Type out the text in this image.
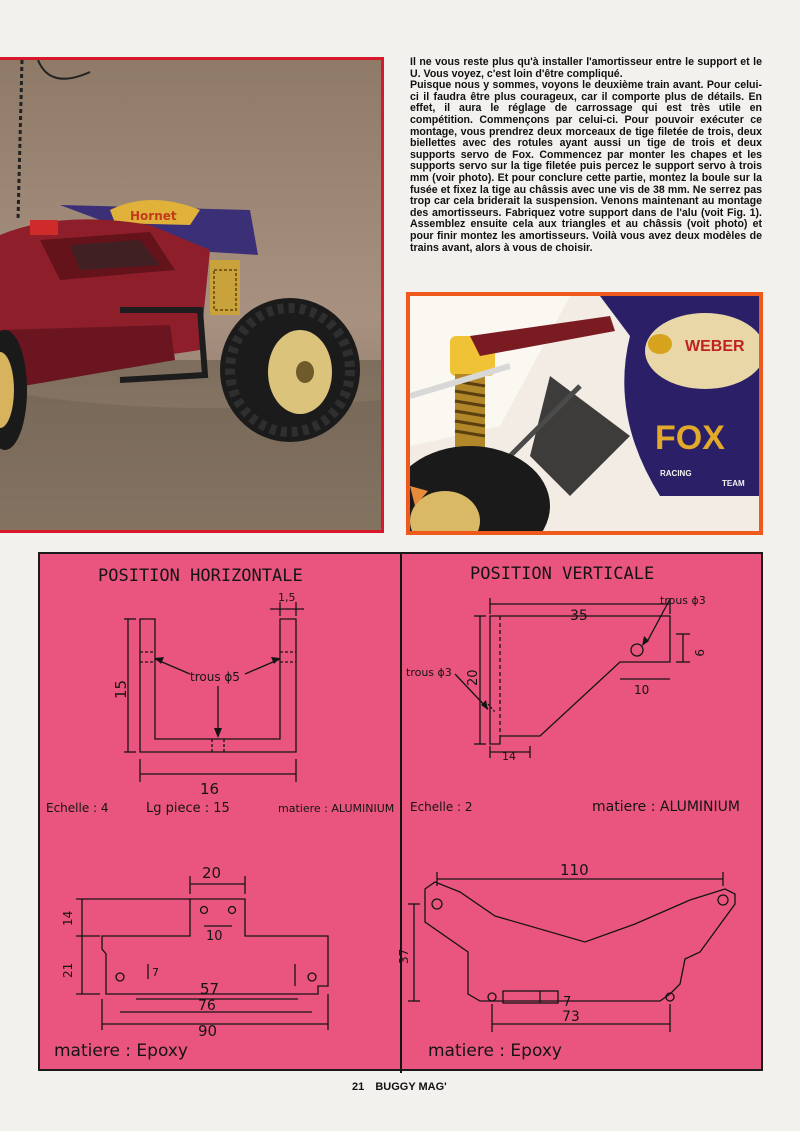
Hornet

Il ne vous reste plus qu'à installer l'amortisseur entre le support et le U. Vous voyez, c'est loin d'être compliqué.

Puisque nous y sommes, voyons le deuxième train avant. Pour celui-ci il faudra être plus courageux, car il comporte plus de détails. En effet, il aura le réglage de carrossage qui est très utile en compétition. Commençons par celui-ci. Pour pouvoir exécuter ce montage, vous prendrez deux morceaux de tige filetée de trois, deux biellettes avec des rotules ayant aussi un tige de trois et deux supports servo de Fox. Commencez par monter les chapes et les supports servo sur la tige filetée puis percez le support servo à trois mm (voir photo). Et pour conclure cette partie, montez la boule sur la fusée et fixez la tige au châssis avec une vis de 38 mm. Ne serrez pas trop car cela briderait la suspension. Venons maintenant au montage des amortisseurs. Fabriquez votre support dans de l'alu (voit Fig. 1). Assemblez ensuite cela aux triangles et au châssis (voit photo) et pour finir montez les amortisseurs. Voilà vous avez deux modèles de trains avant, alors à vous de choisir.

WEBER
FOX
RACING
TEAM
POSITION HORIZONTALE
1,5
trous ϕ5
15
16
Echelle : 4	Lg piece : 15	matiere : ALUMINIUM
POSITION VERTICALE
35
trous ϕ3
trous ϕ3 20
9
10
14
Echelle : 2	matiere : ALUMINIUM
20
14
10
21	7
57
76
90
matiere : Epoxy
110
37
7
73
matiere : Epoxy
21 BUGGY MAG'
